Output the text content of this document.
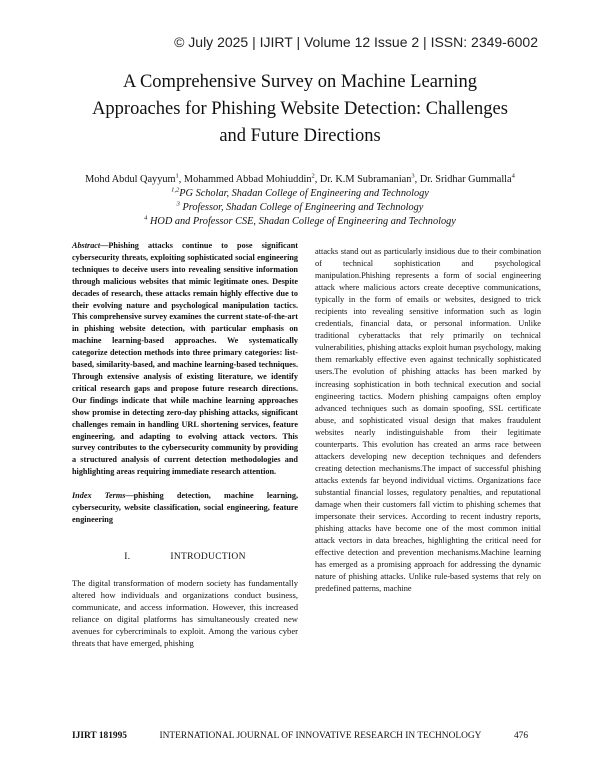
© July 2025 | IJIRT | Volume 12 Issue 2 | ISSN: 2349-6002
A Comprehensive Survey on Machine Learning
Approaches for Phishing Website Detection: Challenges
and Future Directions
Mohd Abdul Qayyum$^1$, Mohammed Abbad Mohiuddin$^2$, Dr. K.M Subramanian$^3$, Dr. Sridhar Gummalla$^4$
$^{1,2}$PG Scholar, Shadan College of Engineering and Technology
$^3$ Professor, Shadan College of Engineering and Technology
$^4$ HOD and Professor CSE, Shadan College of Engineering and Technology
Abstract—Phishing attacks continue to pose significant cybersecurity threats, exploiting sophisticated social engineering techniques to deceive users into revealing sensitive information through malicious websites that mimic legitimate ones. Despite decades of research, these attacks remain highly effective due to their evolving nature and psychological manipulation tactics. This comprehensive survey examines the current state-of-the-art in phishing website detection, with particular emphasis on machine learning-based approaches. We systematically categorize detection methods into three primary categories: list-based, similarity-based, and machine learning-based techniques. Through extensive analysis of existing literature, we identify critical research gaps and propose future research directions. Our findings indicate that while machine learning approaches show promise in detecting zero-day phishing attacks, significant challenges remain in handling URL shortening services, feature engineering, and adapting to evolving attack vectors. This survey contributes to the cybersecurity community by providing a structured analysis of current detection methodologies and highlighting areas requiring immediate research attention.
Index Terms—phishing detection, machine learning, cybersecurity, website classification, social engineering, feature engineering
I.	INTRODUCTION
The digital transformation of modern society has fundamentally altered how individuals and organizations conduct business, communicate, and access information. However, this increased reliance on digital platforms has simultaneously created new avenues for cybercriminals to exploit. Among the various cyber threats that have emerged, phishing
attacks stand out as particularly insidious due to their combination of technical sophistication and psychological manipulation.Phishing represents a form of social engineering attack where malicious actors create deceptive communications, typically in the form of emails or websites, designed to trick recipients into revealing sensitive information such as login credentials, financial data, or personal information. Unlike traditional cyberattacks that rely primarily on technical vulnerabilities, phishing attacks exploit human psychology, making them remarkably effective even against technically sophisticated users.The evolution of phishing attacks has been marked by increasing sophistication in both technical execution and social engineering tactics. Modern phishing campaigns often employ advanced techniques such as domain spoofing, SSL certificate abuse, and sophisticated visual design that makes fraudulent websites nearly indistinguishable from their legitimate counterparts. This evolution has created an arms race between attackers developing new deception techniques and defenders creating detection mechanisms.The impact of successful phishing attacks extends far beyond individual victims. Organizations face substantial financial losses, regulatory penalties, and reputational damage when their customers fall victim to phishing schemes that impersonate their services. According to recent industry reports, phishing attacks have become one of the most common initial attack vectors in data breaches, highlighting the critical need for effective detection and prevention mechanisms.Machine learning has emerged as a promising approach for addressing the dynamic nature of phishing attacks. Unlike rule-based systems that rely on predefined patterns, machine
IJIRT 181995	INTERNATIONAL JOURNAL OF INNOVATIVE RESEARCH IN TECHNOLOGY	476
